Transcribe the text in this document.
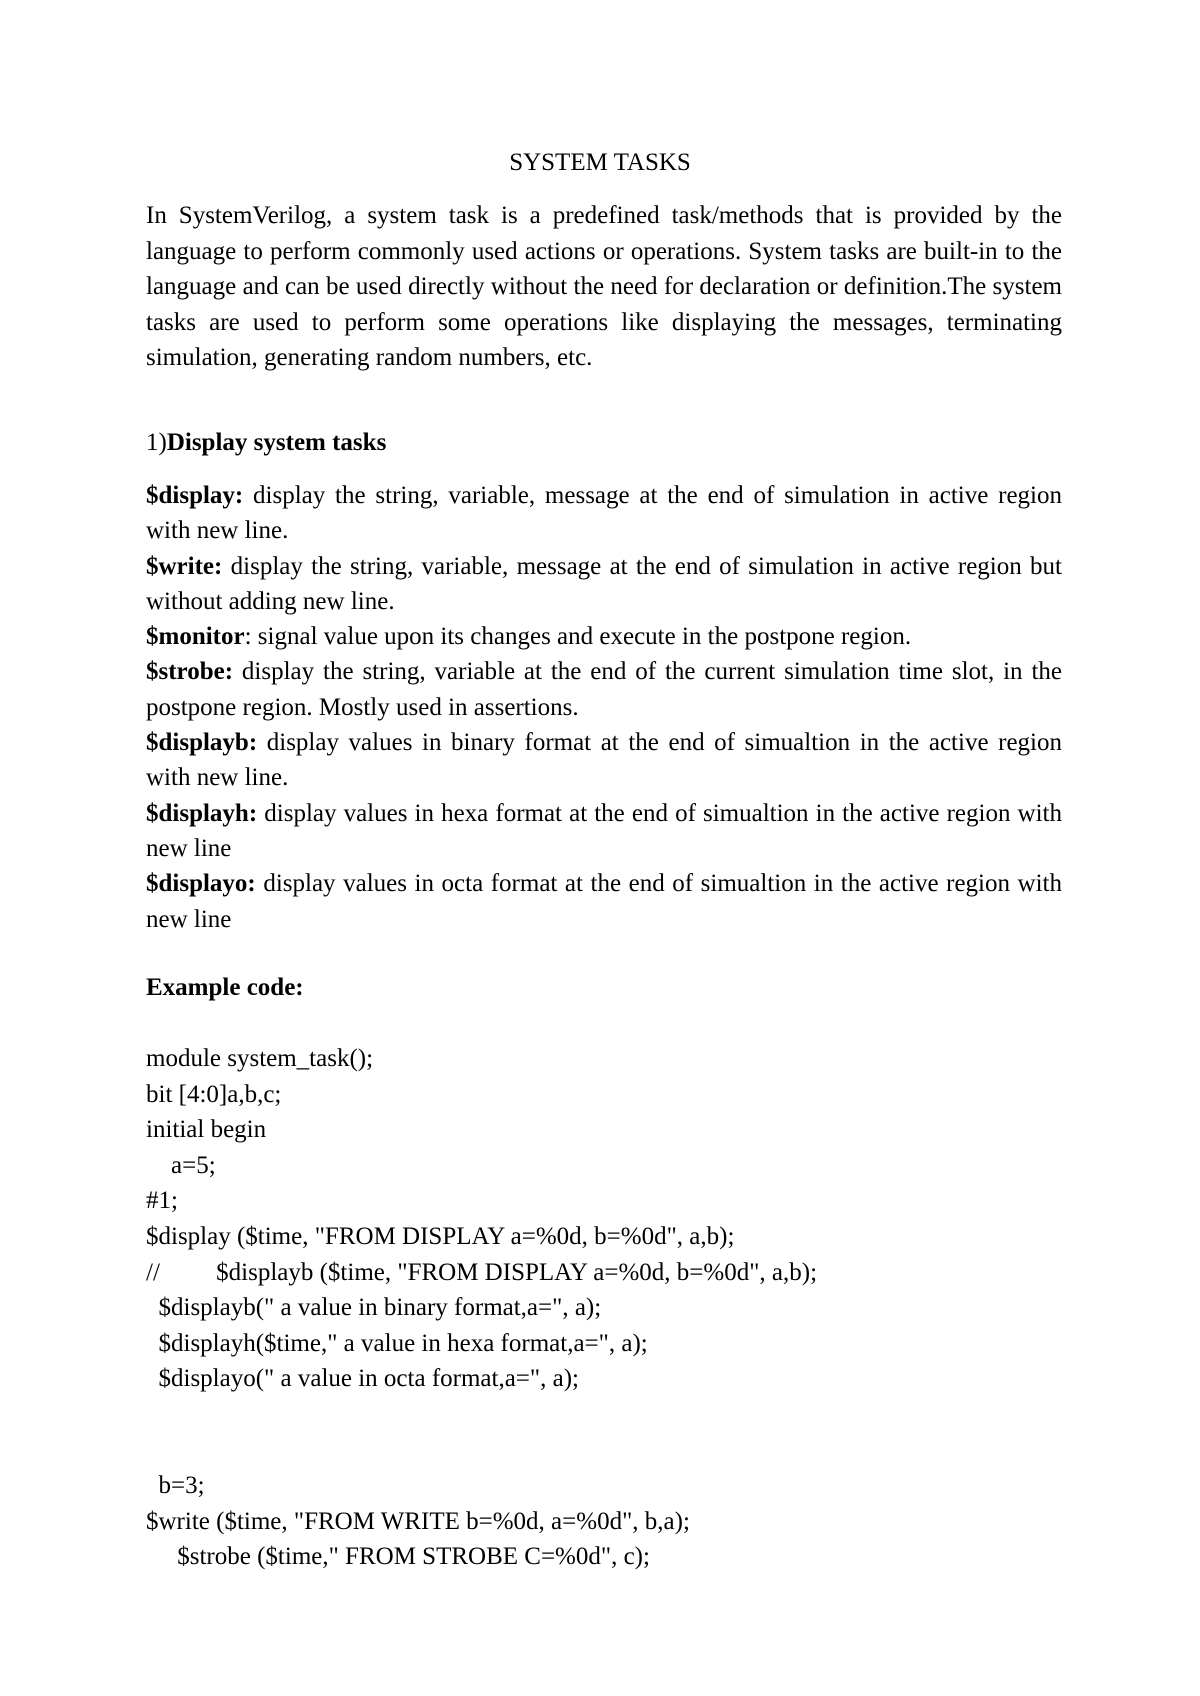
SYSTEM TASKS
In SystemVerilog, a system task is a predefined task/methods that is provided by the language to perform commonly used actions or operations. System tasks are built-in to the language and can be used directly without the need for declaration or definition.The system tasks are used to perform some operations like displaying the messages, terminating simulation, generating random numbers, etc.
1)Display system tasks
$display: display the string, variable, message at the end of simulation in active region with new line.
$write: display the string, variable, message at the end of simulation in active region but without adding new line.
$monitor: signal value upon its changes and execute in the postpone region.
$strobe: display the string, variable at the end of the current simulation time slot, in the postpone region. Mostly used in assertions.
$displayb: display values in binary format at the end of simualtion in the active region with new line.
$displayh: display values in hexa format at the end of simualtion in the active region with new line
$displayo: display values in octa format at the end of simualtion in the active region with new line
Example code:
module system_task();
bit [4:0]a,b,c;
initial begin
a=5;
#1;
$display ($time, "FROM DISPLAY a=%0d, b=%0d", a,b);
//         $displayb ($time, "FROM DISPLAY a=%0d, b=%0d", a,b);
$displayb(" a value in binary format,a=", a);
$displayh($time," a value in hexa format,a=", a);
$displayo(" a value in octa format,a=", a);
b=3;
$write ($time, "FROM WRITE b=%0d, a=%0d", b,a);
$strobe ($time," FROM STROBE C=%0d", c);
